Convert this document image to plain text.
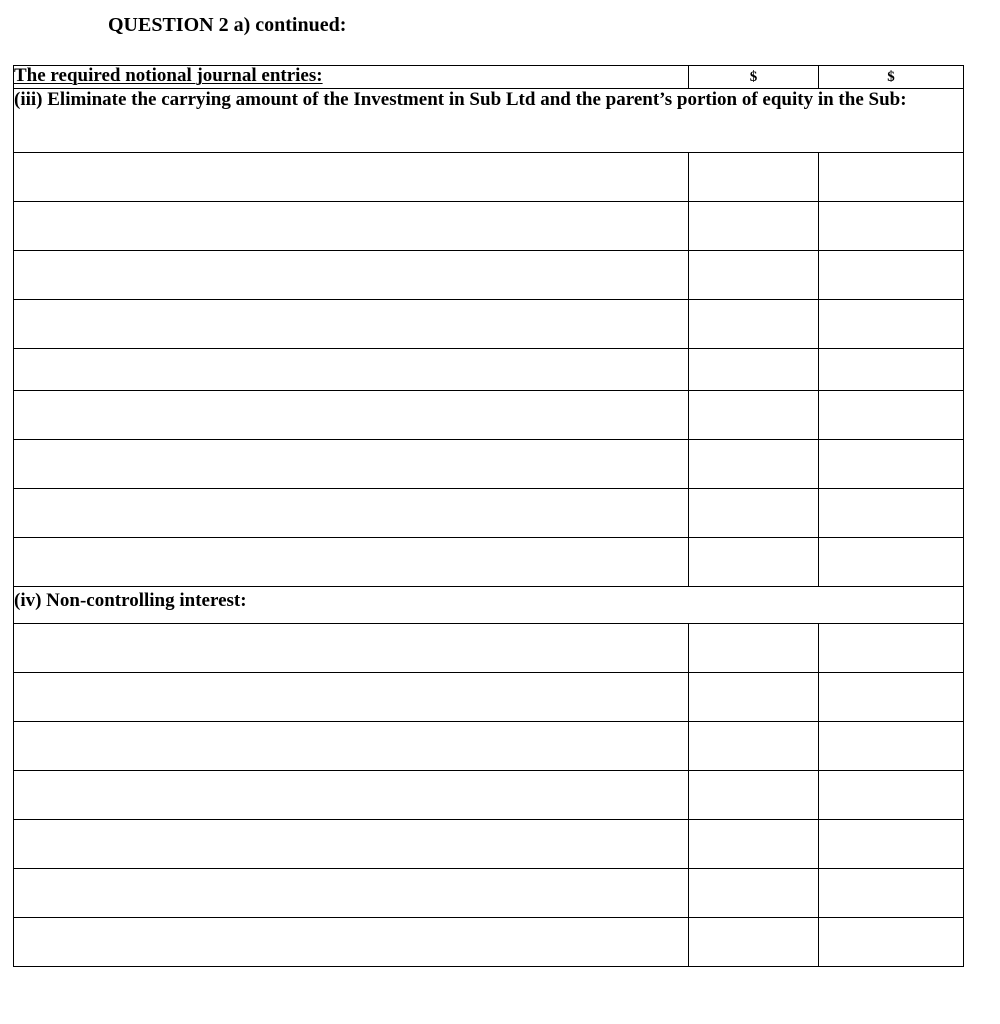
QUESTION 2 a) continued:
The required notional journal entries:	$	$
(iii) Eliminate the carrying amount of the Investment in Sub Ltd and the parent’s portion of equity in the Sub:		

(iv) Non-controlling interest:		
